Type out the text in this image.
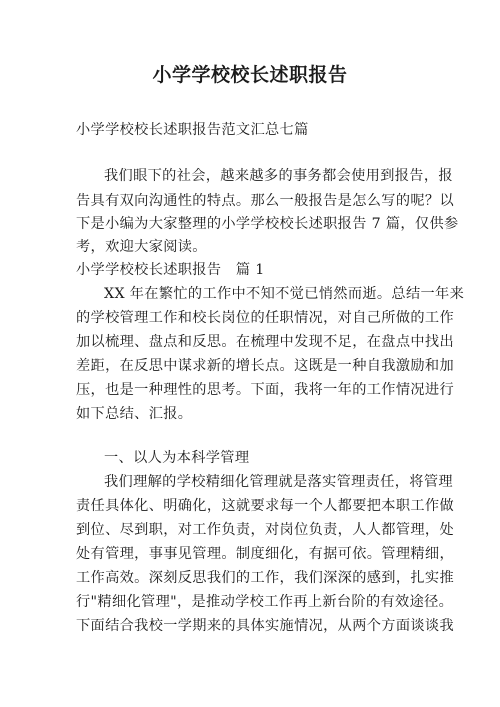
小学学校校长述职报告
小学学校校长述职报告范文汇总七篇
我们眼下的社会，越来越多的事务都会使用到报告，报
告具有双向沟通性的特点。那么一般报告是怎么写的呢？以
下是小编为大家整理的小学学校校长述职报告 7 篇，仅供参
考，欢迎大家阅读。
小学学校校长述职报告　篇 1
XX 年在繁忙的工作中不知不觉已悄然而逝。总结一年来
的学校管理工作和校长岗位的任职情况，对自己所做的工作
加以梳理、盘点和反思。在梳理中发现不足，在盘点中找出
差距，在反思中谋求新的增长点。这既是一种自我激励和加
压，也是一种理性的思考。下面，我将一年的工作情况进行
如下总结、汇报。
一、以人为本科学管理
我们理解的学校精细化管理就是落实管理责任，将管理
责任具体化、明确化，这就要求每一个人都要把本职工作做
到位、尽到职，对工作负责，对岗位负责，人人都管理，处
处有管理，事事见管理。制度细化，有据可依。管理精细，
工作高效。深刻反思我们的工作，我们深深的感到，扎实推
行"精细化管理"，是推动学校工作再上新台阶的有效途径。
下面结合我校一学期来的具体实施情况，从两个方面谈谈我
